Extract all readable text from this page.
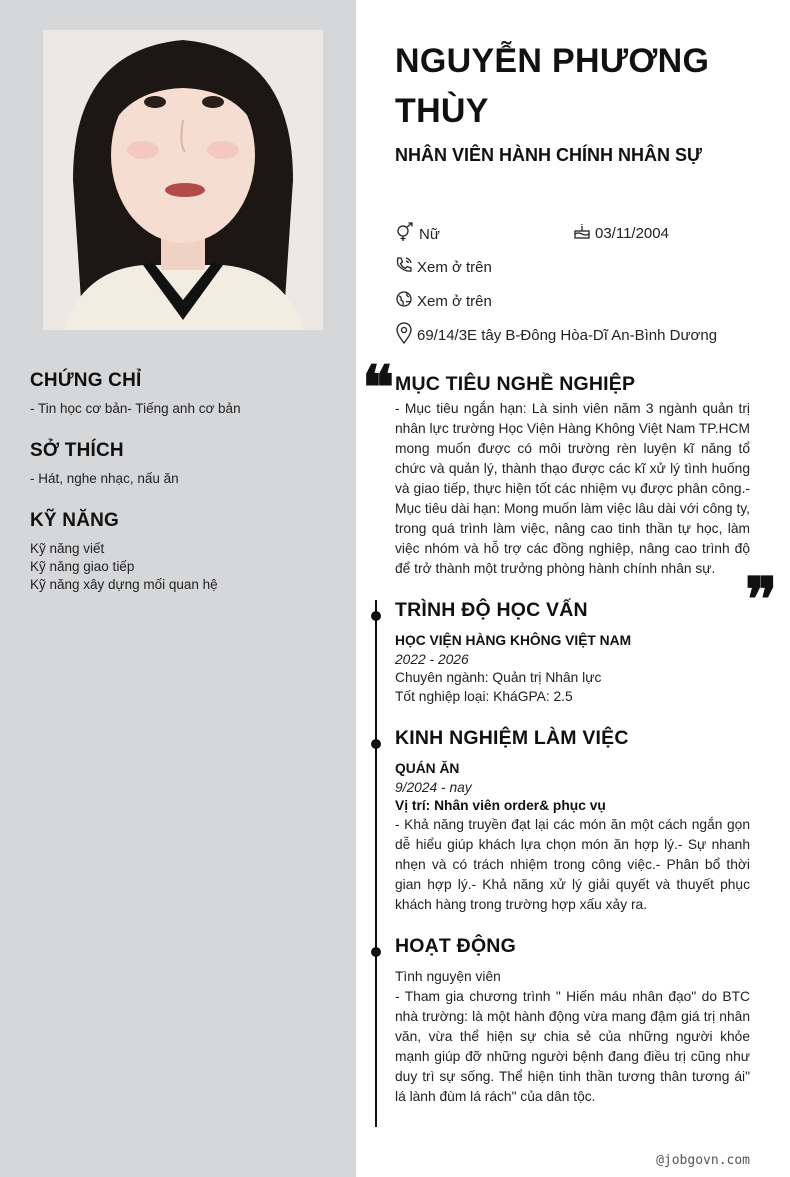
CHỨNG CHỈ
- Tin học cơ bản- Tiếng anh cơ bản
SỞ THÍCH
- Hát, nghe nhạc, nấu ăn
KỸ NĂNG
Kỹ năng viết
Kỹ năng giao tiếp
Kỹ năng xây dựng mối quan hệ
NGUYỄN PHƯƠNG THÙY
NHÂN VIÊN HÀNH CHÍNH NHÂN SỰ
Nữ	03/11/2004
Xem ở trên
Xem ở trên
69/14/3E tây B-Đông Hòa-Dĩ An-Bình Dương
❝ MỤC TIÊU NGHỀ NGHIỆP
- Mục tiêu ngắn hạn: Là sinh viên năm 3 ngành quản trị nhân lực trường Học Viện Hàng Không Việt Nam TP.HCM mong muốn được có môi trường rèn luyện kĩ năng tổ chức và quản lý, thành thạo được các kĩ xử lý tình huống và giao tiếp, thực hiện tốt các nhiệm vụ được phân công.- Mục tiêu dài hạn: Mong muốn làm việc lâu dài với công ty, trong quá trình làm việc, nâng cao tinh thần tự học, làm việc nhóm và hỗ trợ các đồng nghiệp, nâng cao trình độ để trở thành một trưởng phòng hành chính nhân sự. ❞
TRÌNH ĐỘ HỌC VẤN
HỌC VIỆN HÀNG KHÔNG VIỆT NAM
2022 - 2026
Chuyên ngành: Quản trị Nhân lực
Tốt nghiệp loại: KháGPA: 2.5
KINH NGHIỆM LÀM VIỆC
QUÁN ĂN
9/2024 - nay
Vị trí: Nhân viên order& phục vụ
- Khả năng truyền đạt lại các món ăn một cách ngắn gọn dễ hiểu giúp khách lựa chọn món ăn hợp lý.- Sự nhanh nhẹn và có trách nhiệm trong công việc.- Phân bổ thời gian hợp lý.- Khả năng xử lý giải quyết và thuyết phục khách hàng trong trường hợp xấu xảy ra.
HOẠT ĐỘNG
Tình nguyện viên
- Tham gia chương trình " Hiến máu nhân đạo" do BTC nhà trường: là một hành động vừa mang đậm giá trị nhân văn, vừa thể hiện sự chia sẻ của những người khỏe mạnh giúp đỡ những người bệnh đang điều trị cũng như duy trì sự sống. Thể hiện tinh thần tương thân tương ái" lá lành đùm lá rách" của dân tộc.
@jobgovn.com
